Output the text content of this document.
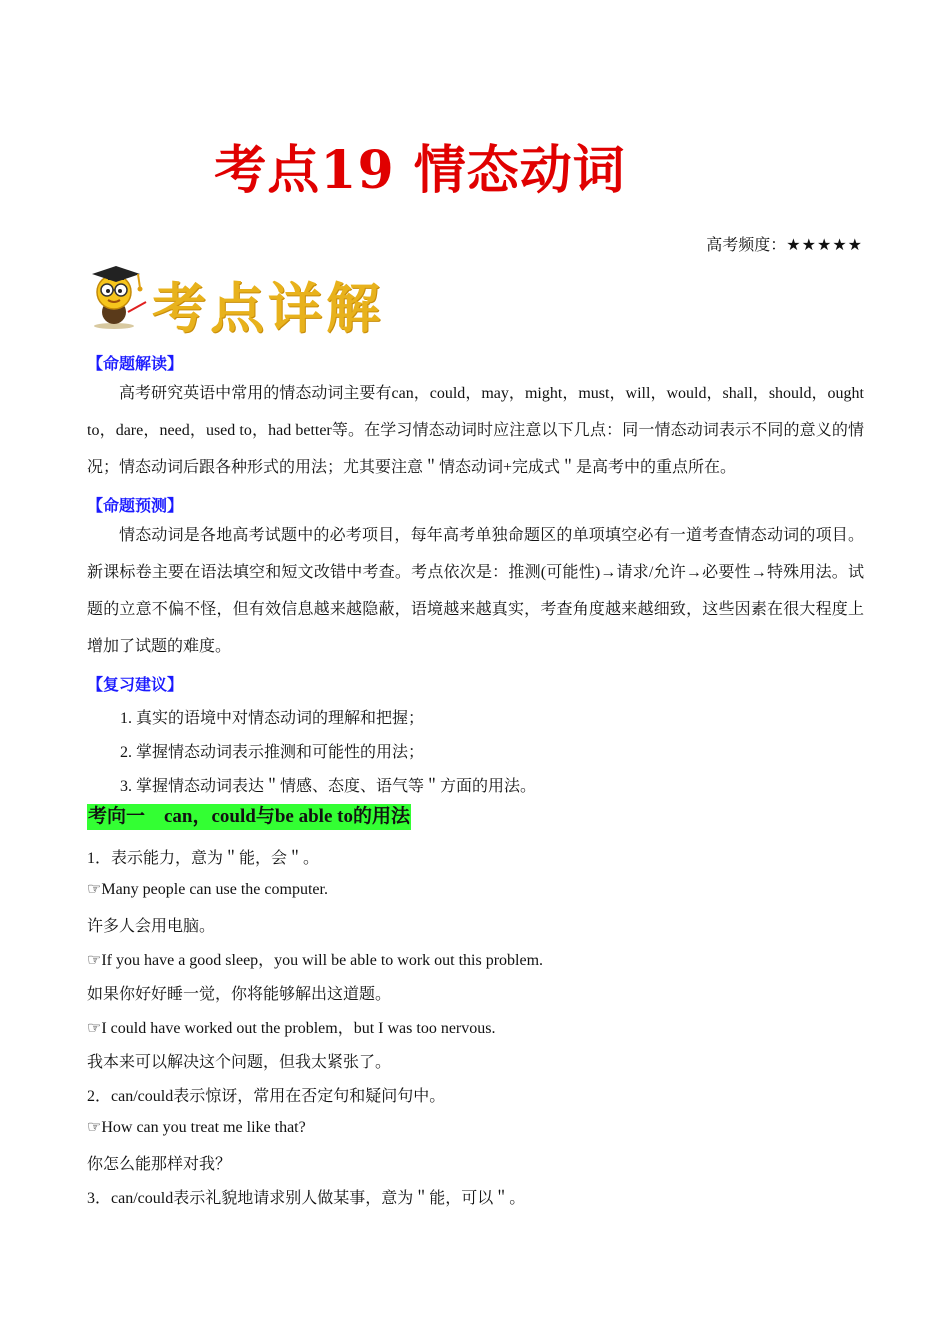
考点19 情态动词
高考频度：★★★★★
考点详解
【命题解读】

高考研究英语中常用的情态动词主要有can，could，may，might，must，will，would，shall，should，ought to，dare，need，used to，had better等。在学习情态动词时应注意以下几点：同一情态动词表示不同的意义的情况；情态动词后跟各种形式的用法；尤其要注意＂情态动词+完成式＂是高考中的重点所在。

【命题预测】

情态动词是各地高考试题中的必考项目，每年高考单独命题区的单项填空必有一道考查情态动词的项目。新课标卷主要在语法填空和短文改错中考查。考点依次是：推测(可能性)→请求/允许→必要性→特殊用法。试题的立意不偏不怪，但有效信息越来越隐蔽，语境越来越真实，考查角度越来越细致，这些因素在很大程度上增加了试题的难度。

【复习建议】
1. 真实的语境中对情态动词的理解和把握；
2. 掌握情态动词表示推测和可能性的用法；
3. 掌握情态动词表达＂情感、态度、语气等＂方面的用法。
考向一    can，could与be able to的用法
1．表示能力，意为＂能，会＂。
☞Many people can use the computer.
许多人会用电脑。
☞If you have a good sleep，you will be able to work out this problem.
如果你好好睡一觉，你将能够解出这道题。
☞I could have worked out the problem，but I was too nervous.
我本来可以解决这个问题，但我太紧张了。
2．can/could表示惊讶，常用在否定句和疑问句中。
☞How can you treat me like that?
你怎么能那样对我？
3．can/could表示礼貌地请求别人做某事，意为＂能，可以＂。
